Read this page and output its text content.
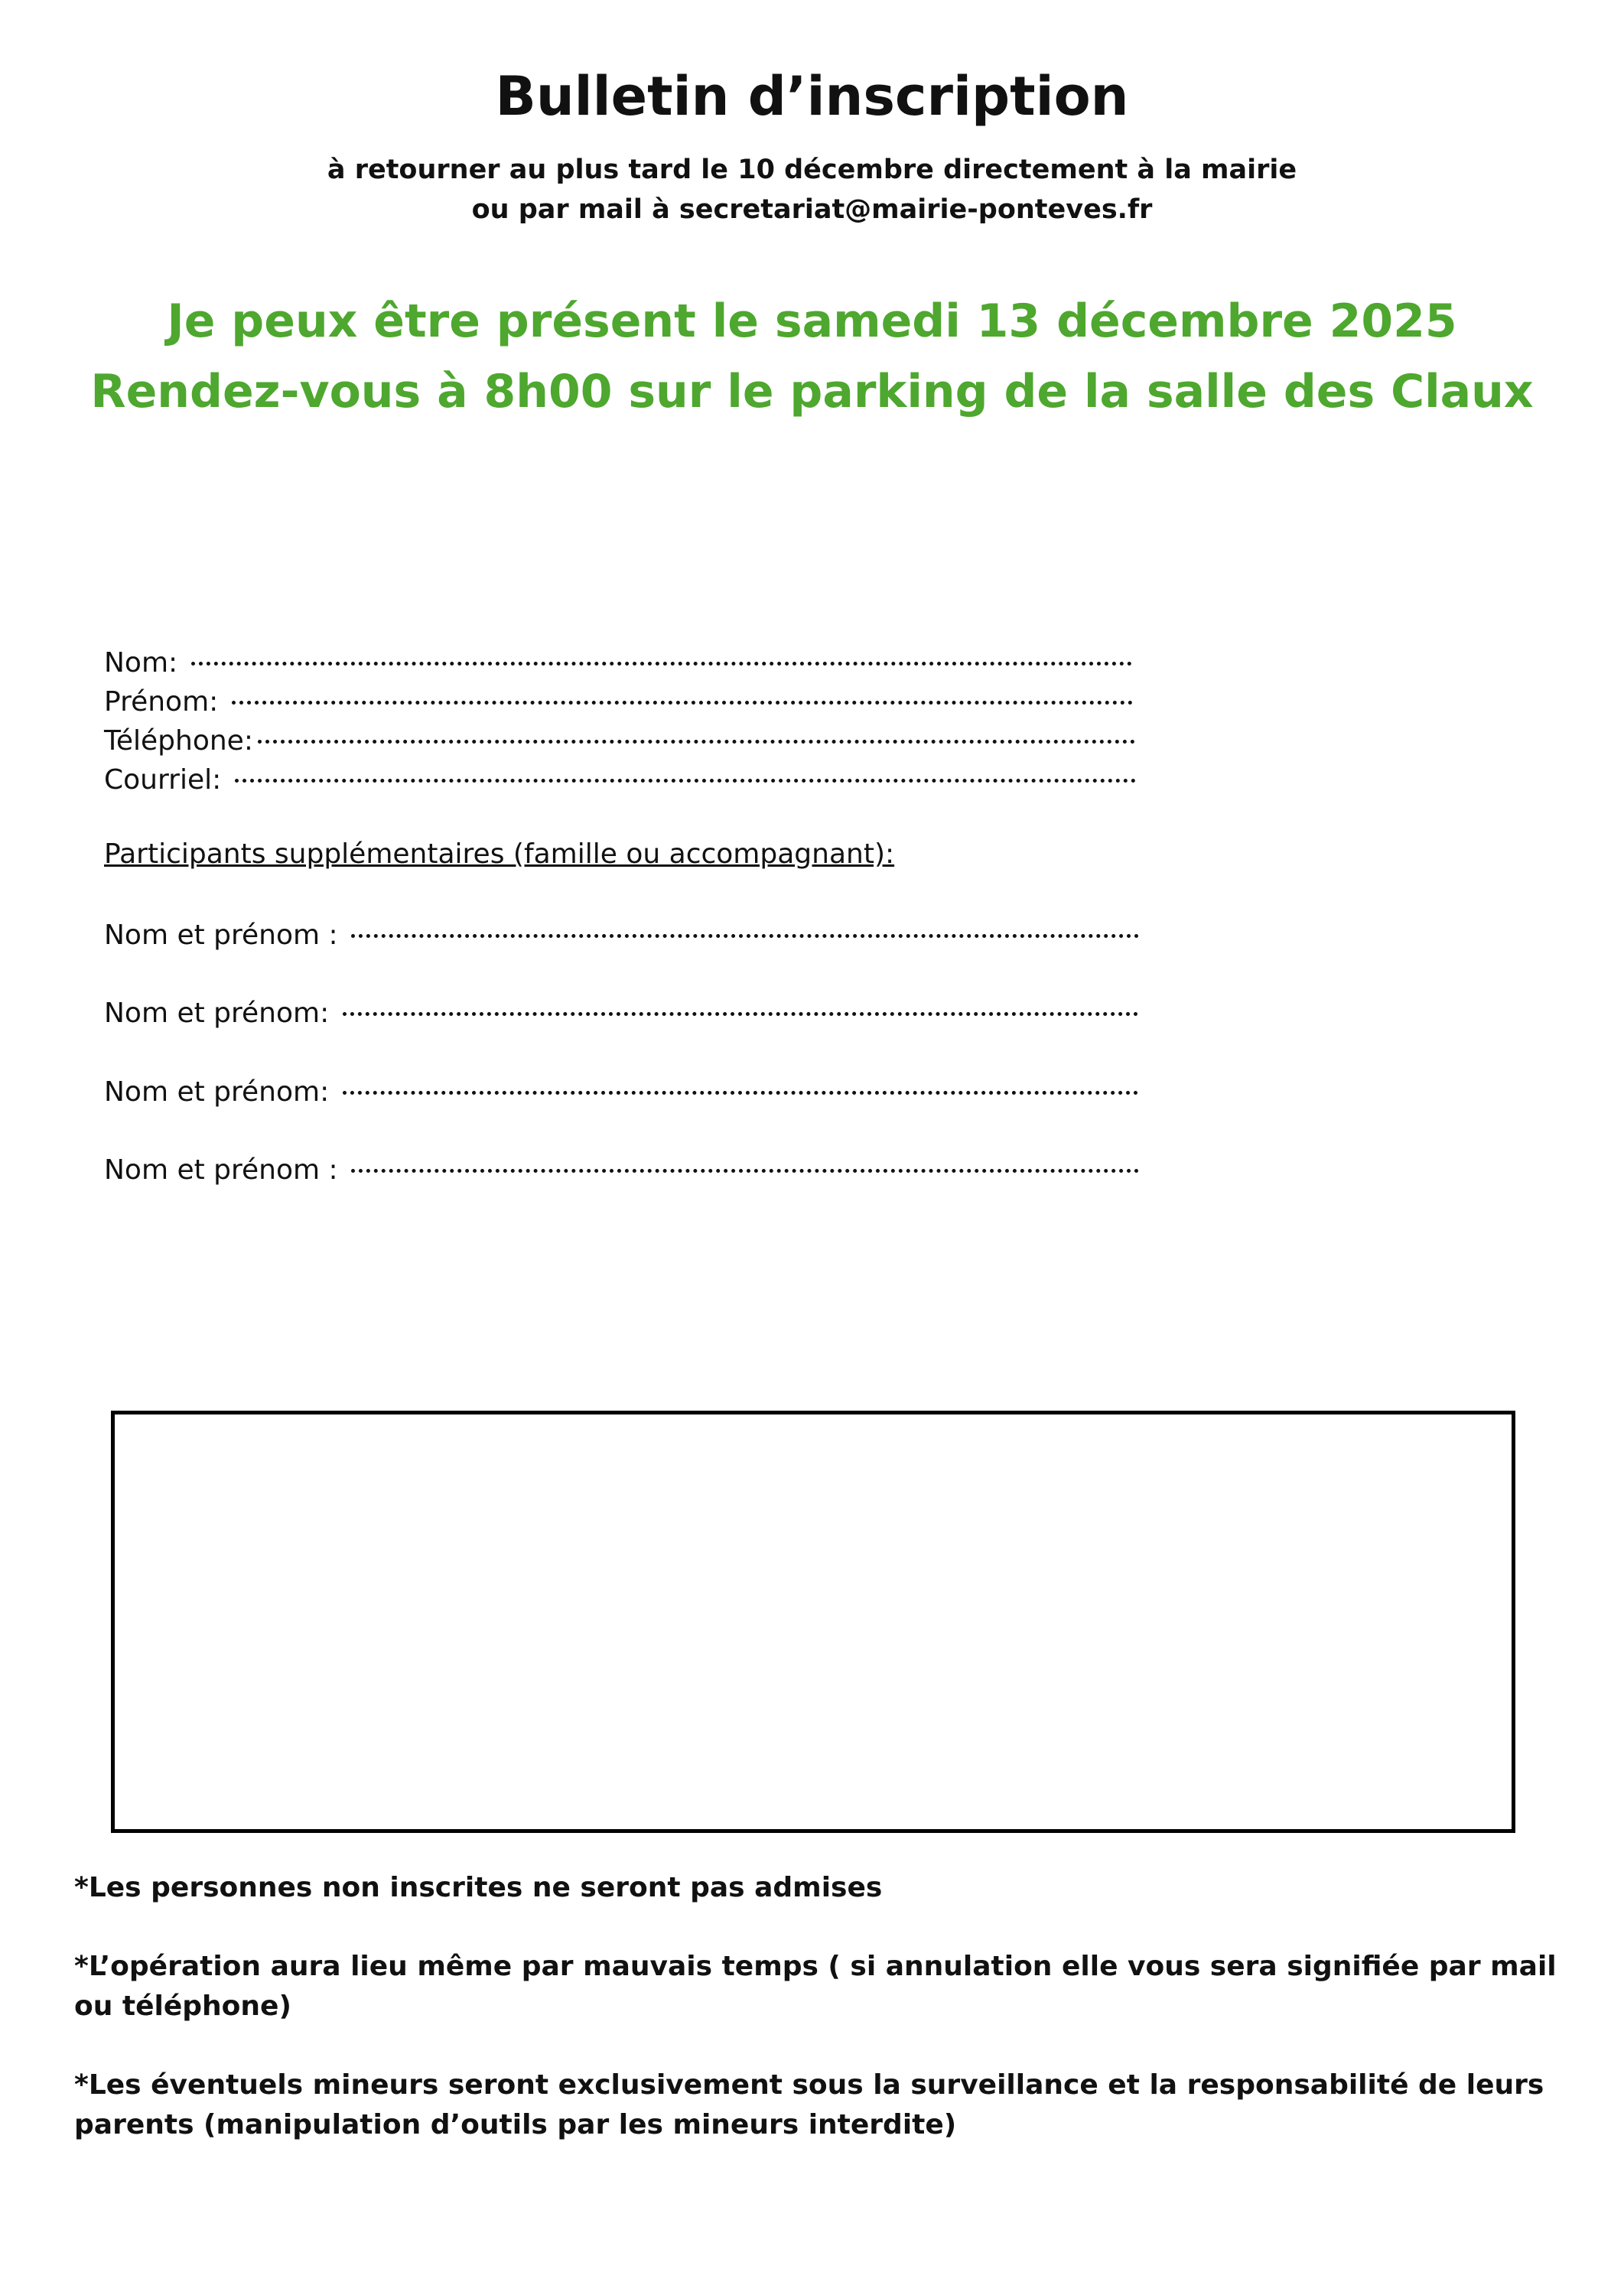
Bulletin d’inscription
à retourner au plus tard le 10 décembre directement à la mairie
ou par mail à secretariat@mairie-ponteves.fr
Je peux être présent le samedi 13 décembre 2025
Rendez-vous à 8h00 sur le parking de la salle des Claux
Nom:
Prénom:
Téléphone:
Courriel:

Participants supplémentaires (famille ou accompagnant):

Nom et prénom :
Nom et prénom:
Nom et prénom:
Nom et prénom :

*Les personnes non inscrites ne seront pas admises

*L’opération aura lieu même par mauvais temps ( si annulation elle vous sera signifiée par mail ou téléphone)

*Les éventuels mineurs seront exclusivement sous la surveillance et la responsabilité de leurs parents (manipulation d’outils par les mineurs interdite)
